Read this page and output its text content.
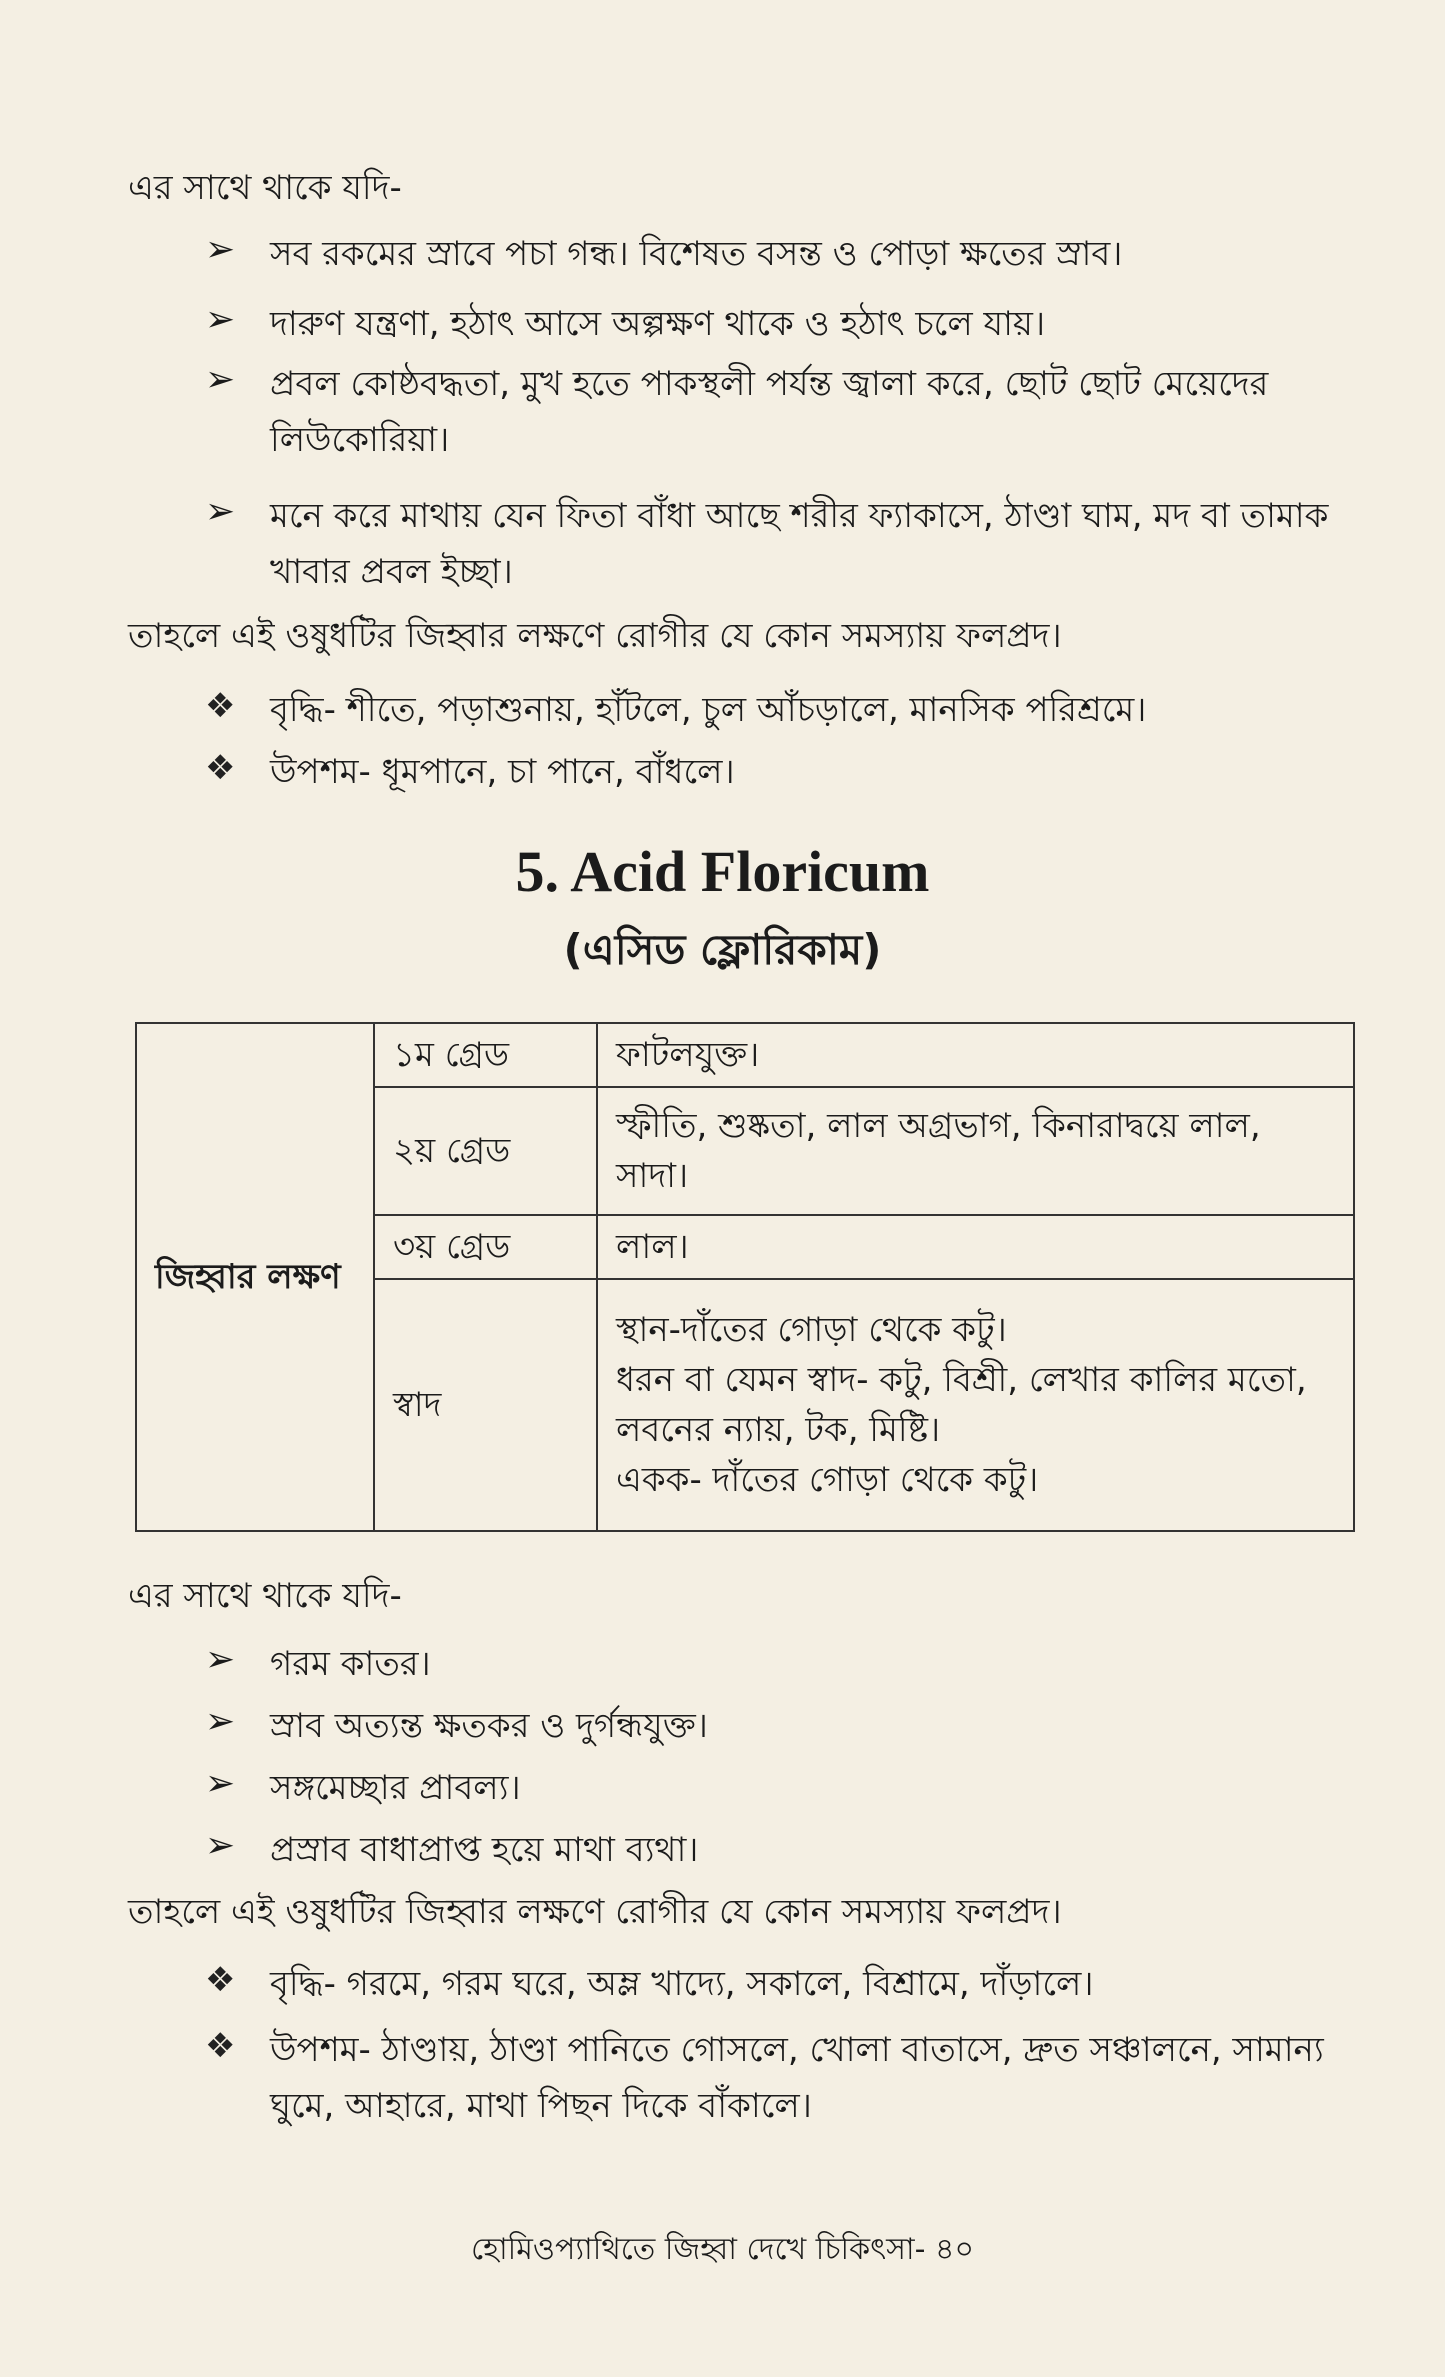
এর সাথে থাকে যদি-
➢ সব রকমের স্রাবে পচা গন্ধ। বিশেষত বসন্ত ও পোড়া ক্ষতের স্রাব।
➢ দারুণ যন্ত্রণা, হঠাৎ আসে অল্পক্ষণ থাকে ও হঠাৎ চলে যায়।
➢ প্রবল কোষ্ঠবদ্ধতা, মুখ হতে পাকস্থলী পর্যন্ত জ্বালা করে, ছোট ছোট মেয়েদের লিউকোরিয়া।
➢ মনে করে মাথায় যেন ফিতা বাঁধা আছে শরীর ফ্যাকাসে, ঠাণ্ডা ঘাম, মদ বা তামাক খাবার প্রবল ইচ্ছা।
তাহলে এই ওষুধটির জিহ্বার লক্ষণে রোগীর যে কোন সমস্যায় ফলপ্রদ।
❖ বৃদ্ধি- শীতে, পড়াশুনায়, হাঁটলে, চুল আঁচড়ালে, মানসিক পরিশ্রমে।
❖ উপশম- ধূমপানে, চা পানে, বাঁধলে।
5. Acid Floricum
(এসিড ফ্লোরিকাম)
জিহ্বার লক্ষণ	১ম গ্রেড	ফাটলযুক্ত।
	২য় গ্রেড	স্ফীতি, শুষ্কতা, লাল অগ্রভাগ, কিনারাদ্বয়ে লাল, সাদা।
	৩য় গ্রেড	লাল।
	স্বাদ	স্থান-দাঁতের গোড়া থেকে কটু।
ধরন বা যেমন স্বাদ- কটু, বিশ্রী, লেখার কালির মতো, লবনের ন্যায়, টক, মিষ্টি।
একক- দাঁতের গোড়া থেকে কটু।
এর সাথে থাকে যদি-
➢ গরম কাতর।
➢ স্রাব অত্যন্ত ক্ষতকর ও দুর্গন্ধযুক্ত।
➢ সঙ্গমেচ্ছার প্রাবল্য।
➢ প্রস্রাব বাধাপ্রাপ্ত হয়ে মাথা ব্যথা।
তাহলে এই ওষুধটির জিহ্বার লক্ষণে রোগীর যে কোন সমস্যায় ফলপ্রদ।
❖ বৃদ্ধি- গরমে, গরম ঘরে, অম্ল খাদ্যে, সকালে, বিশ্রামে, দাঁড়ালে।
❖ উপশম- ঠাণ্ডায়, ঠাণ্ডা পানিতে গোসলে, খোলা বাতাসে, দ্রুত সঞ্চালনে, সামান্য ঘুমে, আহারে, মাথা পিছন দিকে বাঁকালে।
হোমিওপ্যাথিতে জিহ্বা দেখে চিকিৎসা- ৪০
